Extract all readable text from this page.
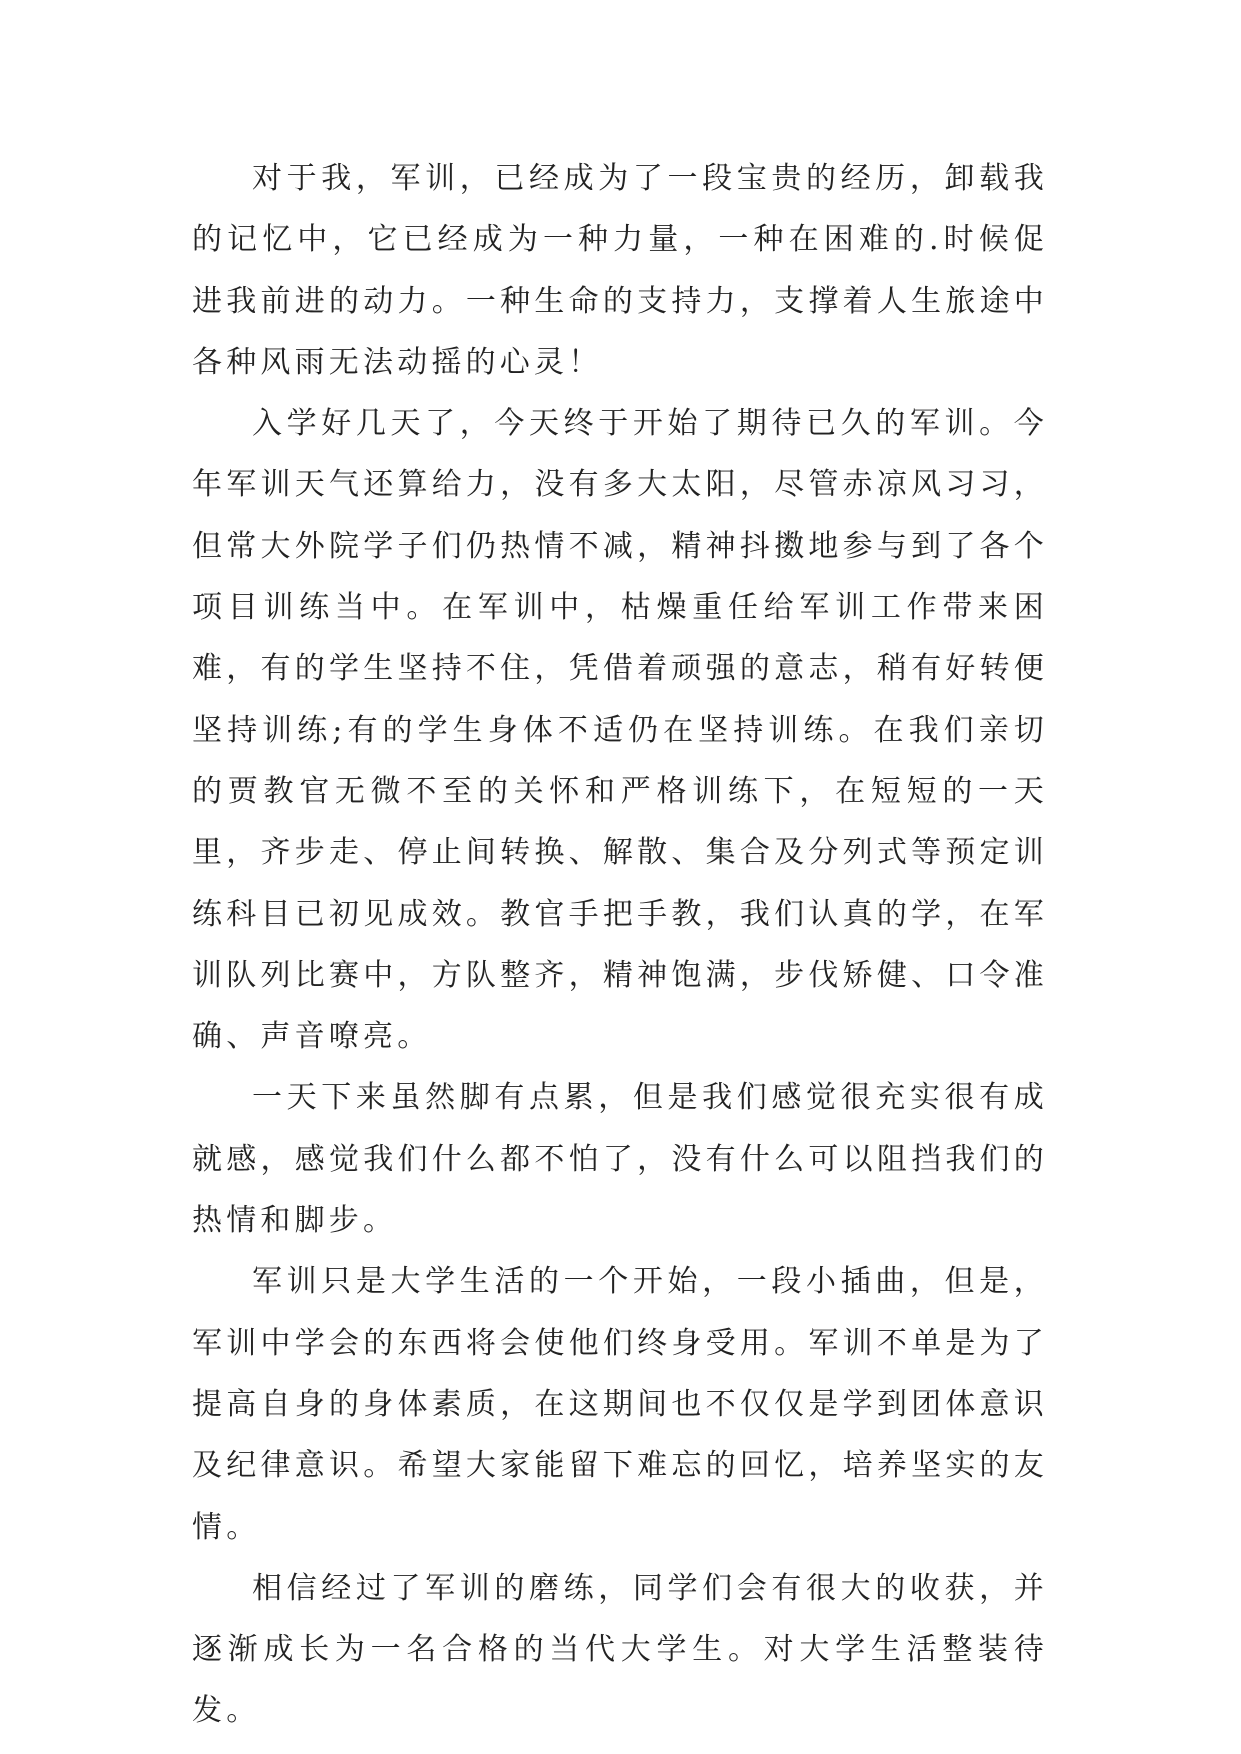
对于我，军训，已经成为了一段宝贵的经历，卸载我的记忆中，它已经成为一种力量，一种在困难的.时候促进我前进的动力。一种生命的支持力，支撑着人生旅途中各种风雨无法动摇的心灵！

入学好几天了，今天终于开始了期待已久的军训。今年军训天气还算给力，没有多大太阳，尽管赤凉风习习，但常大外院学子们仍热情不减，精神抖擞地参与到了各个项目训练当中。在军训中，枯燥重任给军训工作带来困难，有的学生坚持不住，凭借着顽强的意志，稍有好转便坚持训练;有的学生身体不适仍在坚持训练。在我们亲切的贾教官无微不至的关怀和严格训练下，在短短的一天里，齐步走、停止间转换、解散、集合及分列式等预定训练科目已初见成效。教官手把手教，我们认真的学，在军训队列比赛中，方队整齐，精神饱满，步伐矫健、口令准确、声音嘹亮。

一天下来虽然脚有点累，但是我们感觉很充实很有成就感，感觉我们什么都不怕了，没有什么可以阻挡我们的热情和脚步。

军训只是大学生活的一个开始，一段小插曲，但是，军训中学会的东西将会使他们终身受用。军训不单是为了提高自身的身体素质，在这期间也不仅仅是学到团体意识及纪律意识。希望大家能留下难忘的回忆，培养坚实的友情。

相信经过了军训的磨练，同学们会有很大的收获，并逐渐成长为一名合格的当代大学生。对大学生活整装待发。
